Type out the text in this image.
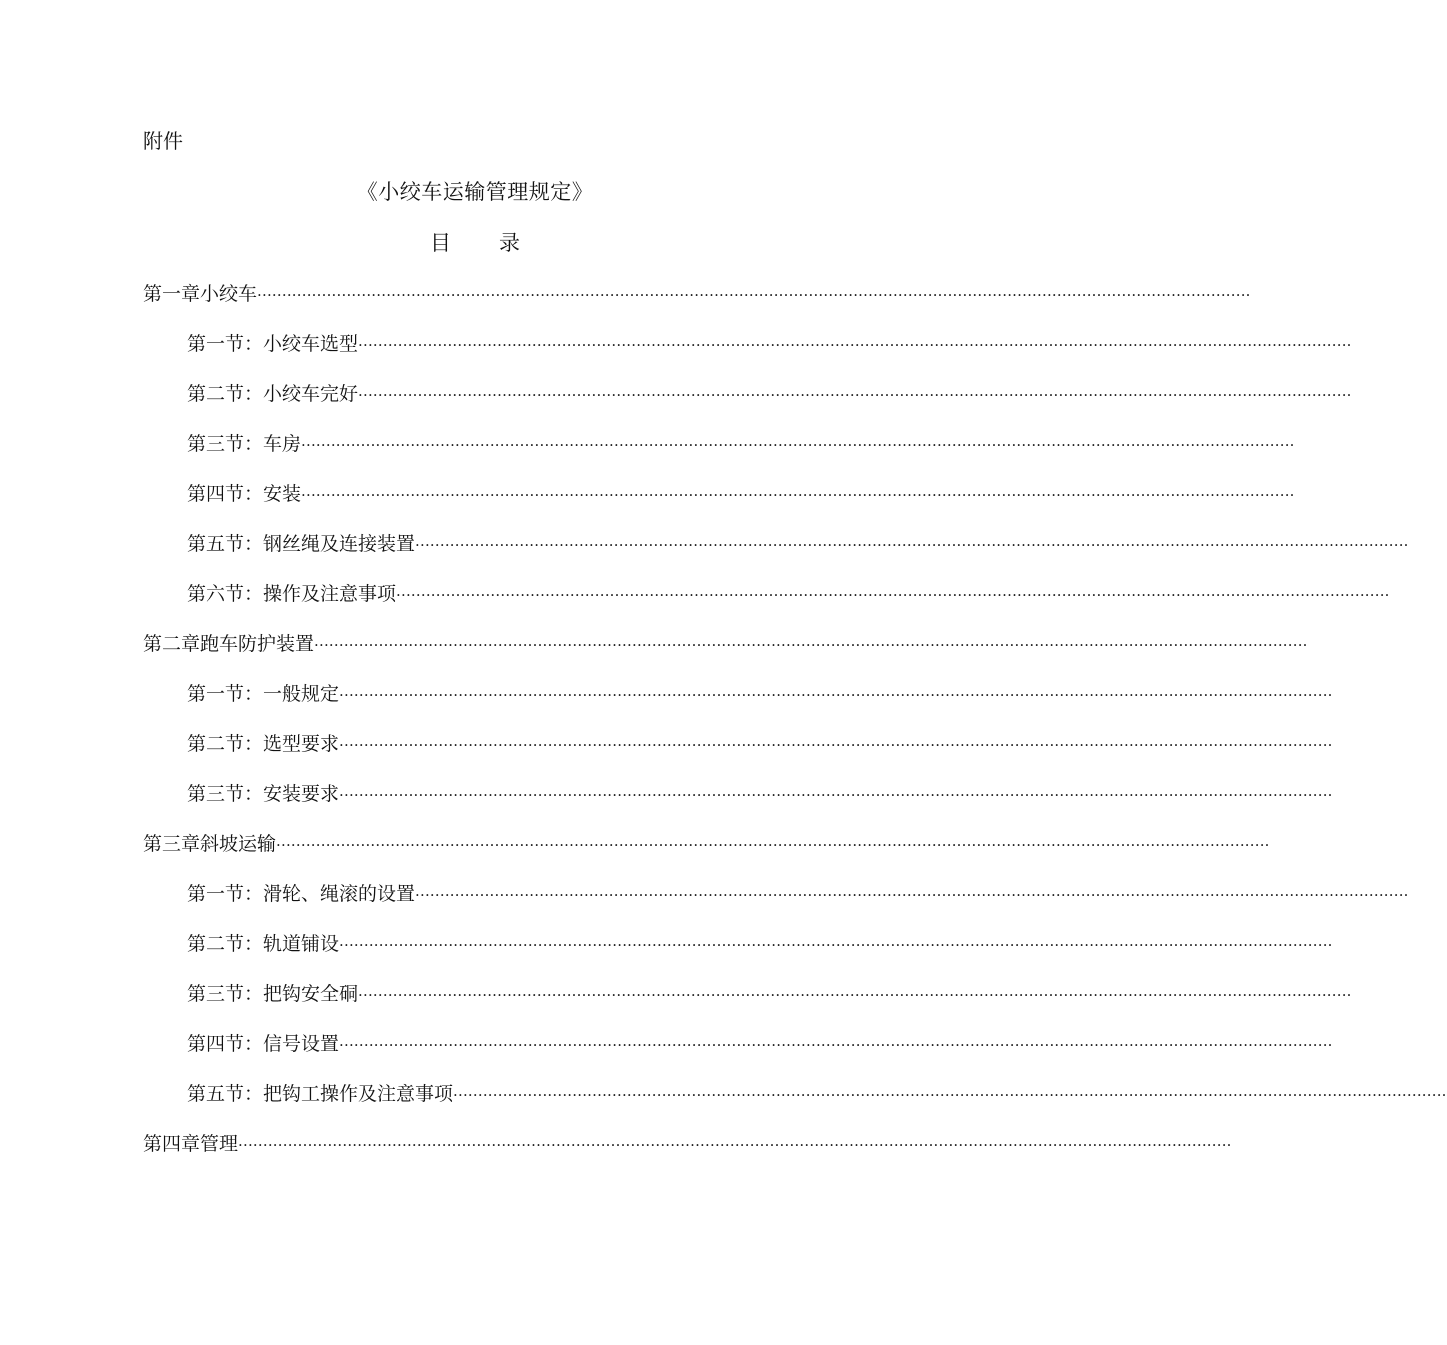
附件
《小绞车运输管理规定》
目 录
第一章 小绞车 ········································································································································································································
第一节： 小绞车选型 ········································································································································································································
第二节： 小绞车完好 ········································································································································································································
第三节： 车房 ········································································································································································································
第四节： 安装 ········································································································································································································
第五节： 钢丝绳及连接装置 ········································································································································································································
第六节： 操作及注意事项 ········································································································································································································
第二章 跑车防护装置 ········································································································································································································
第一节： 一般规定 ········································································································································································································
第二节： 选型要求 ········································································································································································································
第三节： 安装要求 ········································································································································································································
第三章 斜坡运输 ········································································································································································································
第一节： 滑轮、绳滚的设置 ········································································································································································································
第二节： 轨道铺设 ········································································································································································································
第三节： 把钩安全硐 ········································································································································································································
第四节： 信号设置 ········································································································································································································
第五节： 把钩工操作及注意事项 ········································································································································································································
第四章 管理 ········································································································································································································
